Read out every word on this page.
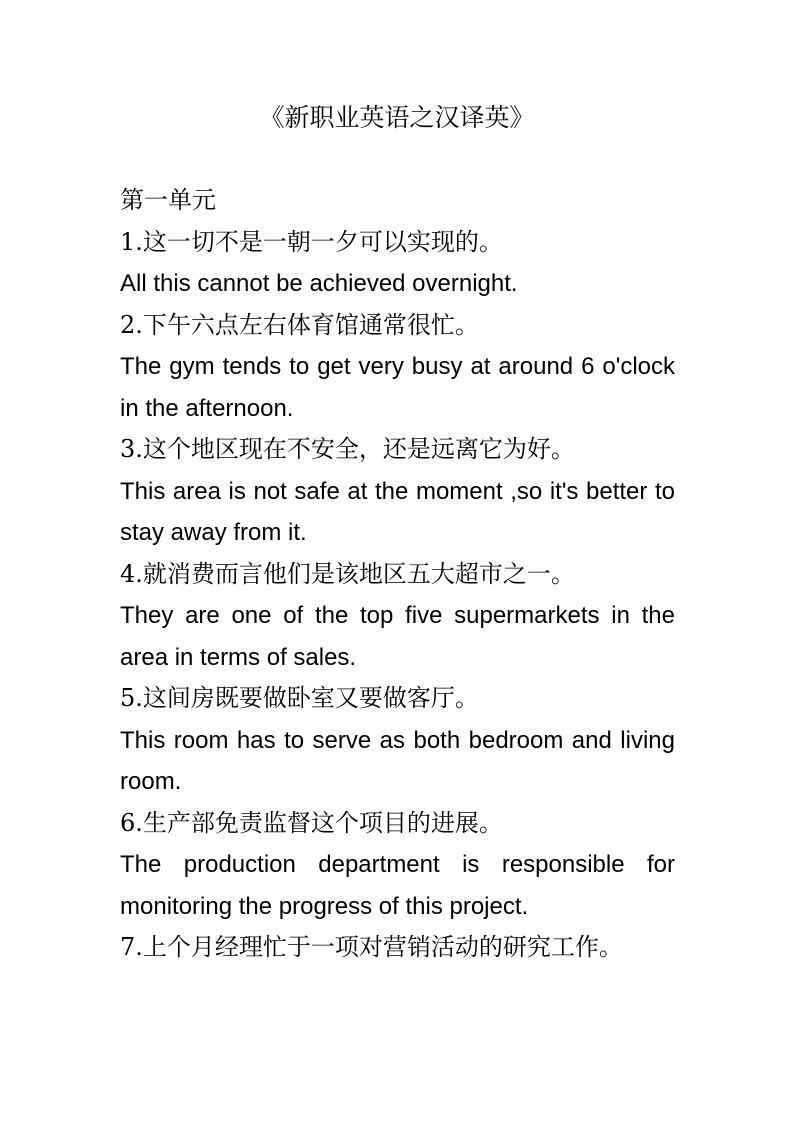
《新职业英语之汉译英》
第一单元
1.这一切不是一朝一夕可以实现的。
All this cannot be achieved overnight.
2.下午六点左右体育馆通常很忙。
The gym tends to get very busy at around 6 o'clock in the afternoon.
3.这个地区现在不安全，还是远离它为好。
This area is not safe at the moment ,so it's better to stay away from it.
4.就消费而言他们是该地区五大超市之一。
They are one of the top five supermarkets in the area in terms of sales.
5.这间房既要做卧室又要做客厅。
This room has to serve as both bedroom and living room.
6.生产部免责监督这个项目的进展。
The production department is responsible for monitoring the progress of this project.
7.上个月经理忙于一项对营销活动的研究工作。
